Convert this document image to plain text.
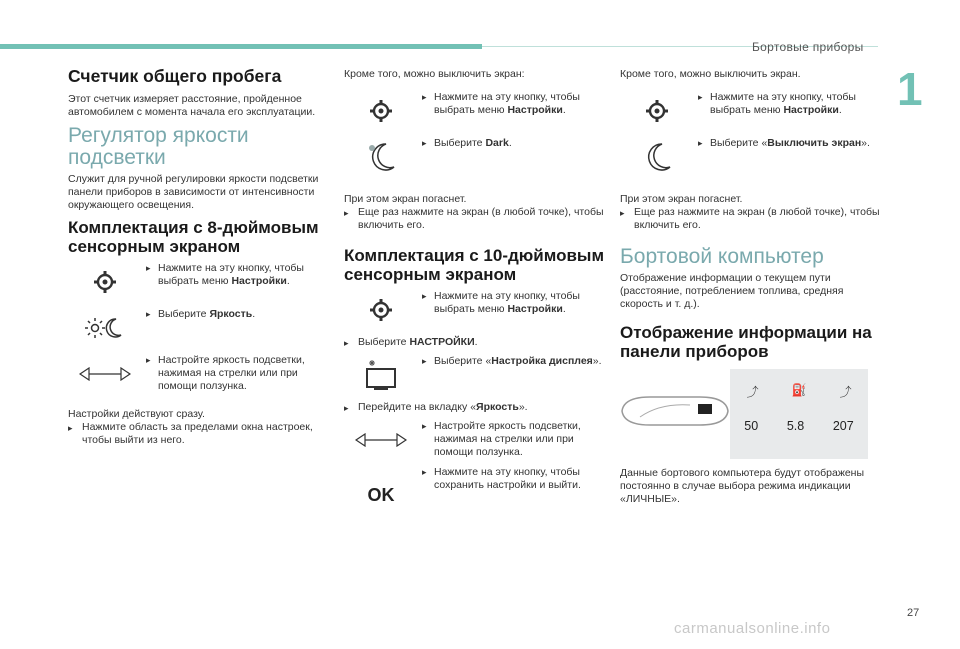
Бортовые приборы
1
Счетчик общего пробега

Этот счетчик измеряет расстояние, пройденное автомобилем с момента начала его эксплуатации.

Регулятор яркости подсветки

Служит для ручной регулировки яркости подсветки панели приборов в зависимости от интенсивности окружающего освещения.

Комплектация с 8-дюймовым сенсорным экраном
▸ Нажмите на эту кнопку, чтобы выбрать меню Настройки.
▸ Выберите Яркость.
▸ Настройте яркость подсветки, нажимая на стрелки или при помощи ползунка.

Настройки действуют сразу.

▸ Нажмите область за пределами окна настроек, чтобы выйти из него.

Кроме того, можно выключить экран:

▸ Нажмите на эту кнопку, чтобы выбрать меню Настройки.
▸ Выберите Dark.

При этом экран погаснет.

▸ Еще раз нажмите на экран (в любой точке), чтобы включить его.
Комплектация с 10-дюймовым сенсорным экраном
▸ Нажмите на эту кнопку, чтобы выбрать меню Настройки.
▸ Выберите НАСТРОЙКИ.
▸ Выберите «Настройка дисплея».
▸ Перейдите на вкладку «Яркость».
▸ Настройте яркость подсветки, нажимая на стрелки или при помощи ползунка.
OK
▸ Нажмите на эту кнопку, чтобы сохранить настройки и выйти.

Кроме того, можно выключить экран.

▸ Нажмите на эту кнопку, чтобы выбрать меню Настройки.
▸ Выберите «Выключить экран».

При этом экран погаснет.

▸ Еще раз нажмите на экран (в любой точке), чтобы включить его.
Бортовой компьютер

Отображение информации о текущем пути (расстояние, потреблением топлива, средняя скорость и т. д.).

Отображение информации на панели приборов
⤴	⛽	⤴
50 5.8 207

Данные бортового компьютера будут отображены постоянно в случае выбора режима индикации «ЛИЧНЫЕ».

27
carmanualsonline.info
